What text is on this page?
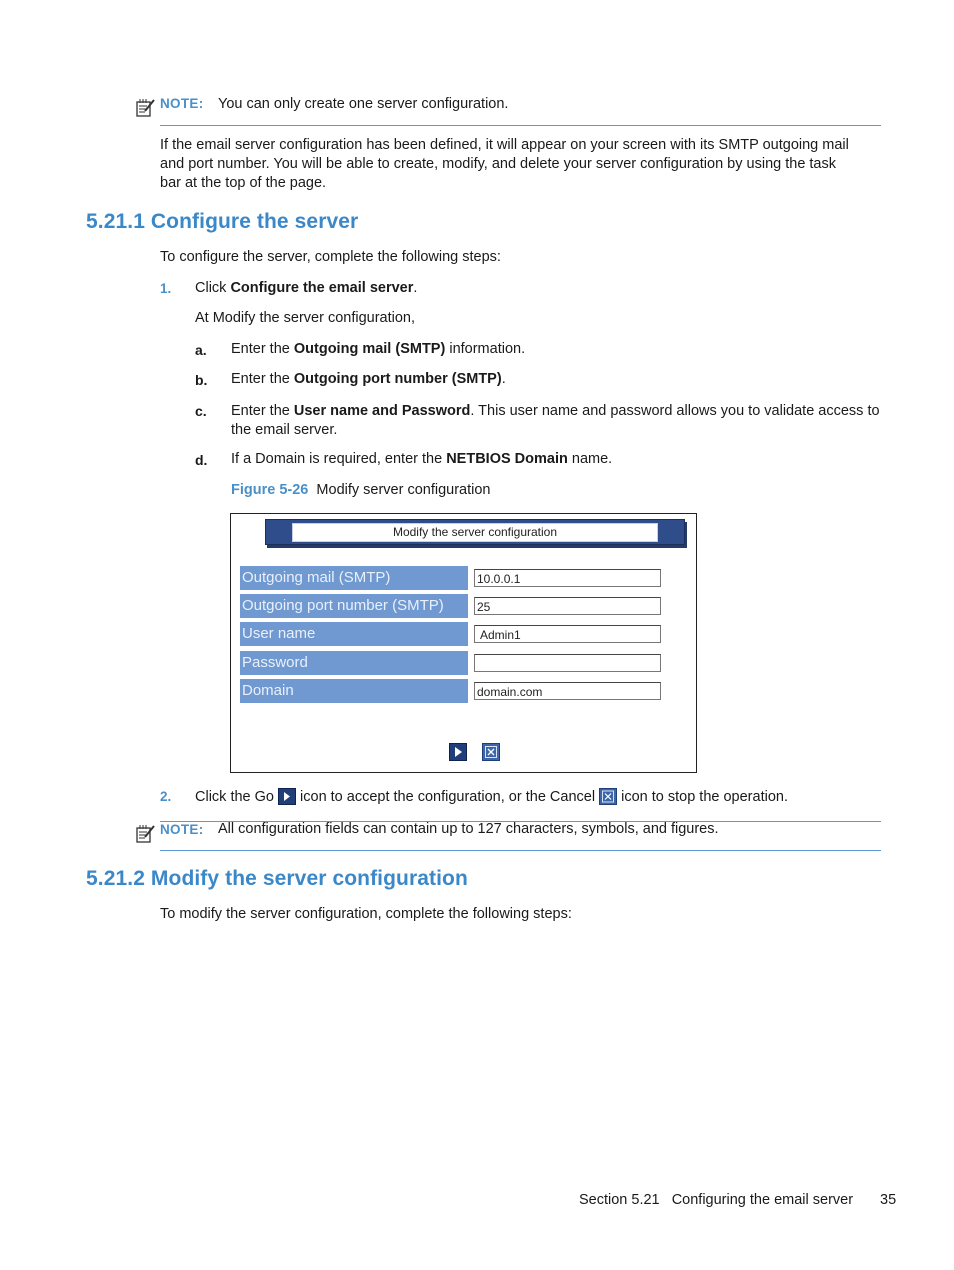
NOTE: You can only create one server configuration.
If the email server configuration has been defined, it will appear on your screen with its SMTP outgoing mail
and port number. You will be able to create, modify, and delete your server configuration by using the task
bar at the top of the page.
5.21.1 Configure the server
To configure the server, complete the following steps:
1. Click Configure the email server.
At Modify the server configuration,
a. Enter the Outgoing mail (SMTP) information.
b. Enter the Outgoing port number (SMTP).
c. Enter the User name and Password. This user name and password allows you to validate access to
the email server.
d. If a Domain is required, enter the NETBIOS Domain name.
Figure 5-26 Modify server configuration
Modify the server configuration
Outgoing mail (SMTP)	10.0.0.1
Outgoing port number (SMTP)	25
User name	Admin1
Password
Domain	domain.com
2. Click the Go
icon to accept the configuration, or the Cancel
icon to stop the operation.
NOTE: All configuration fields can contain up to 127 characters, symbols, and figures.
5.21.2 Modify the server configuration
To modify the server configuration, complete the following steps:
Section 5.21   Configuring the email server 35
